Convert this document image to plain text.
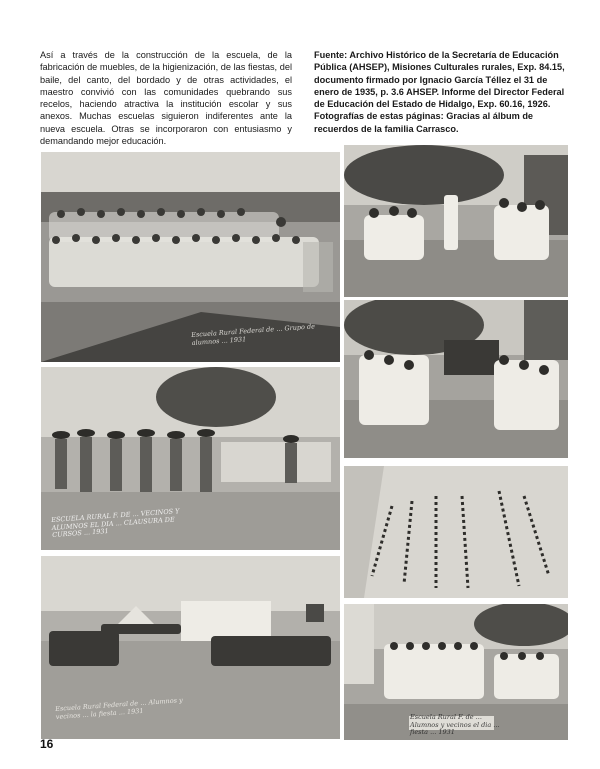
Así a través de la construcción de la escuela, de la fabricación de muebles, de la higienización, de las fiestas, del baile, del canto, del bordado y de otras actividades, el maestro convivió con las comunidades quebrando sus recelos, haciendo atractiva la institución escolar y sus anexos. Muchas escuelas siguieron indiferentes ante la nueva escuela. Otras se incorporaron con entusiasmo y demandando mejor educación.

Fuente: Archivo Histórico de la Secretaría de Educación Pública (AHSEP), Misiones Culturales rurales, Exp. 84.15, documento firmado por Ignacio García Téllez el 31 de enero de 1935, p. 3.6 AHSEP. Informe del Director Federal de Educación del Estado de Hidalgo, Exp. 60.16, 1926.

Fotografías de estas páginas: Gracias al álbum de recuerdos de la familia Carrasco.

Escuela Rural Federal de ... Grupo de alumnos ... 1931
ESCUELA RURAL F. DE ... VECINOS Y ALUMNOS EL DIA ... CLAUSURA DE CURSOS ... 1931
Escuela Rural Federal de ... Alumnos y vecinos ... la fiesta ... 1931	Escuela Rural F. de ... Alumnos y vecinos el dia ... fiesta ... 1931
16
